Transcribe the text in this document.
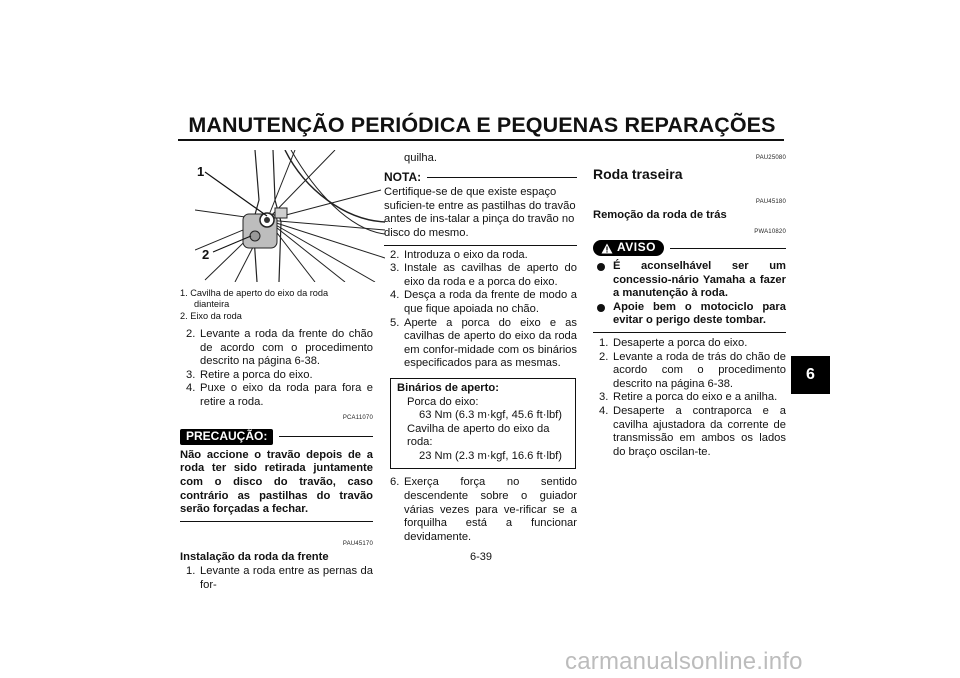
MANUTENÇÃO PERIÓDICA E PEQUENAS REPARAÇÕES
6
1
2
1. Cavilha de aperto do eixo da roda
dianteira
2. Eixo da roda
2. Levante a roda da frente do chão de acordo com o procedimento descrito na página 6-38.
3. Retire a porca do eixo.
4. Puxe o eixo da roda para fora e retire a roda.
PCA11070
PRECAUÇÃO:
Não accione o travão depois de a roda ter sido retirada juntamente com o disco do travão, caso contrário as pastilhas do travão serão forçadas a fechar.
PAU45170
Instalação da roda da frente
1. Levante a roda entre as pernas da for-
quilha.
NOTA:
Certifique-se de que existe espaço suficien-te entre as pastilhas do travão antes de ins-talar a pinça do travão no disco do mesmo.
2. Introduza o eixo da roda.
3. Instale as cavilhas de aperto do eixo da roda e a porca do eixo.
4. Desça a roda da frente de modo a que fique apoiada no chão.
5. Aperte a porca do eixo e as cavilhas de aperto do eixo da roda em confor-midade com os binários especificados para as mesmas.
Binários de aperto:
Porca do eixo:
63 Nm (6.3 m·kgf, 45.6 ft·lbf)
Cavilha de aperto do eixo da roda:
23 Nm (2.3 m·kgf, 16.6 ft·lbf)
6. Exerça força no sentido descendente sobre o guiador várias vezes para ve-rificar se a forquilha está a funcionar devidamente.
PAU25080
Roda traseira
PAU45180
Remoção da roda de trás
PWA10820
AVISO
É aconselhável ser um concessio-nário Yamaha a fazer a manutenção à roda.
Apoie bem o motociclo para evitar o perigo deste tombar.
1. Desaperte a porca do eixo.
2. Levante a roda de trás do chão de acordo com o procedimento descrito na página 6-38.
3. Retire a porca do eixo e a anilha.
4. Desaperte a contraporca e a cavilha ajustadora da corrente de transmissão em ambos os lados do braço oscilan-te.
6-39
carmanualsonline.info
